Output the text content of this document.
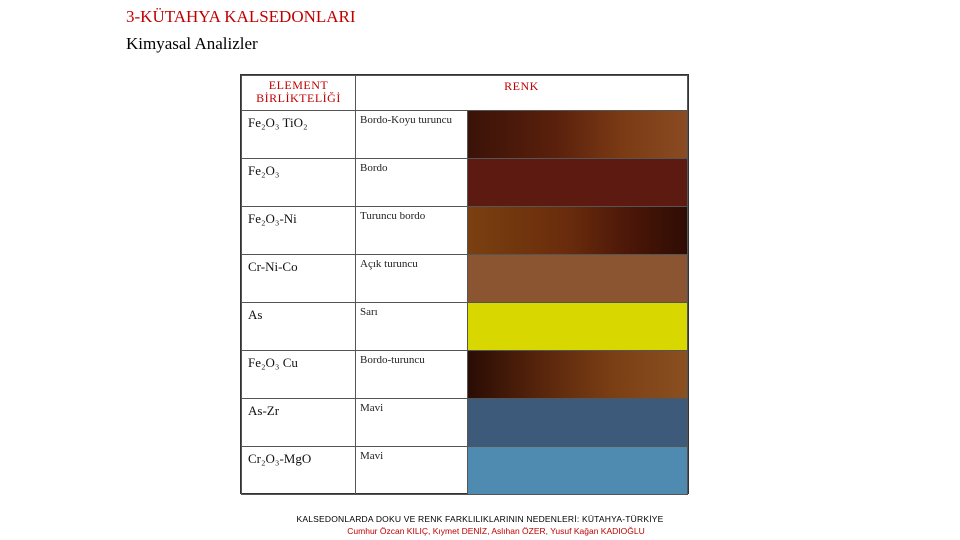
3-KÜTAHYA KALSEDONLARI
Kimyasal Analizler
ELEMENT
BİRLİKTELİĞİ	RENK	
Fe₂O₃ TiO₂	Bordo-Koyu turuncu	

Fe₂O₃	Bordo	

Fe₂O₃-Ni	Turuncu bordo	

Cr-Ni-Co	Açık turuncu	

As	Sarı	

Fe₂O₃ Cu	Bordo-turuncu	

As-Zr	Mavi	

Cr₂O₃-MgO	Mavi	
KALSEDONLARDA DOKU VE RENK FARKLILIKLARININ NEDENLERİ: KÜTAHYA-TÜRKİYE
Cumhur Özcan KILIÇ, Kıymet DENİZ, Aslıhan ÖZER, Yusuf Kağan KADIOĞLU
